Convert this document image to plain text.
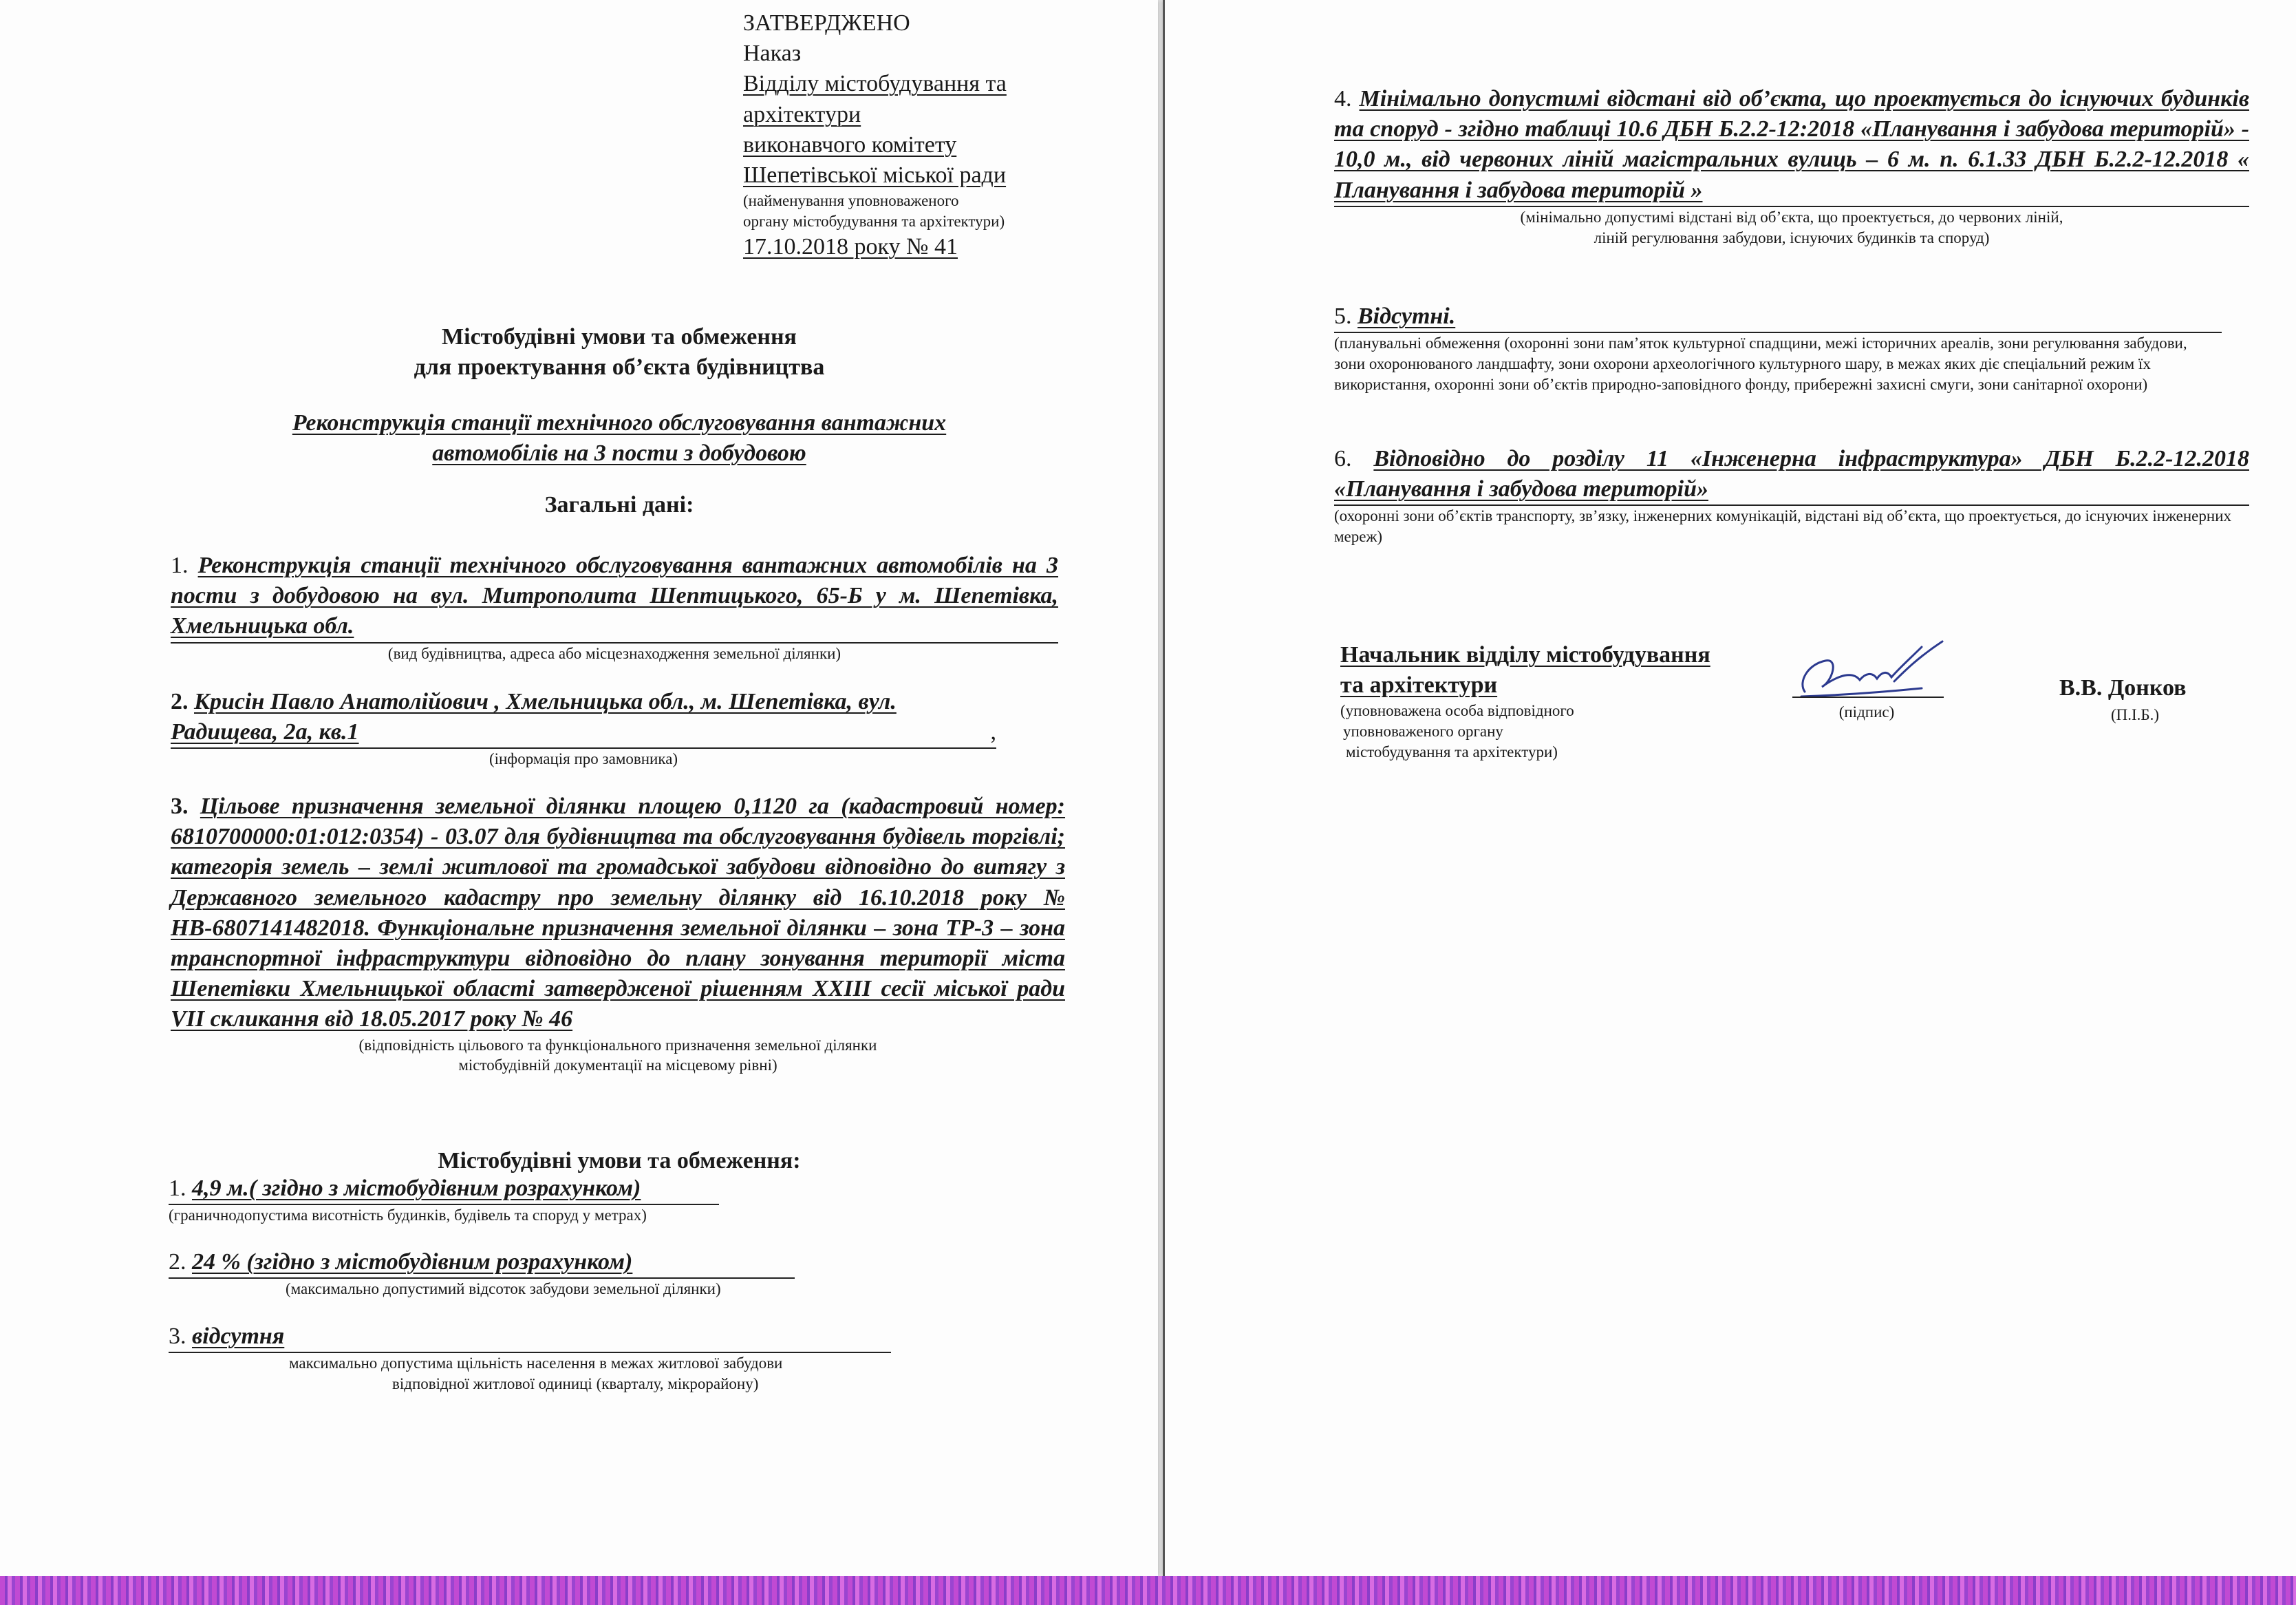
ЗАТВЕРДЖЕНО
Наказ
Відділу містобудування та
архітектури
виконавчого комітету
Шепетівської міської ради
(найменування уповноваженого
органу містобудування та архітектури)
17.10.2018 року № 41
Містобудівні умови та обмеження
для проектування об’єкта будівництва
Реконструкція станції технічного обслуговування вантажних
автомобілів на 3 пости з добудовою
Загальні дані:
1. Реконструкція станції технічного обслуговування вантажних автомобілів на 3 пости з добудовою на вул. Митрополита Шептицького, 65-Б у м. Шепетівка, Хмельницька обл.
(вид будівництва, адреса або місцезнаходження земельної ділянки)
2. Крисін Павло Анатолійович , Хмельницька обл., м. Шепетівка, вул. Радищева, 2а, кв.1	,
(інформація про замовника)
3. Цільове призначення земельної ділянки площею 0,1120 га (кадастровий номер: 6810700000:01:012:0354) - 03.07 для будівництва та обслуговування будівель торгівлі; категорія земель – землі житлової та громадської забудови відповідно до витягу з Державного земельного кадастру про земельну ділянку від 16.10.2018 року № НВ-6807141482018. Функціональне призначення земельної ділянки – зона ТР-3 – зона транспортної інфраструктури відповідно до плану зонування території міста Шепетівки Хмельницької області затвердженої рішенням XXIII сесії міської ради VII скликання від 18.05.2017 року № 46
(відповідність цільового та функціонального призначення земельної ділянки
містобудівній документації на місцевому рівні)
Містобудівні умови та обмеження:
1. 4,9 м.( згідно з містобудівним розрахунком)
(граничнодопустима висотність будинків, будівель та споруд у метрах)
2. 24 % (згідно з містобудівним розрахунком)
(максимально допустимий відсоток забудови земельної ділянки)
3. відсутня
максимально допустима щільність населення в межах житлової забудови
відповідної житлової одиниці (кварталу, мікрорайону)
4. Мінімально допустимі відстані від об’єкта, що проектується до існуючих будинків та споруд - згідно таблиці 10.6 ДБН Б.2.2-12:2018 «Планування і забудова територій» - 10,0 м., від червоних ліній магістральних вулиць – 6 м. п. 6.1.33 ДБН Б.2.2-12.2018 « Планування і забудова територій »
(мінімально допустимі відстані від об’єкта, що проектується, до червоних ліній,
ліній регулювання забудови, існуючих будинків та споруд)
5. Відсутні.
(планувальні обмеження (охоронні зони пам’яток культурної спадщини, межі історичних ареалів, зони регулювання забудови, зони охоронюваного ландшафту, зони охорони археологічного культурного шару, в межах яких діє спеціальний режим їх використання, охоронні зони об’єктів природно-заповідного фонду, прибережні захисні смуги, зони санітарної охорони)
6. Відповідно до розділу 11 «Інженерна інфраструктура» ДБН Б.2.2-12.2018 «Планування і забудова територій»
(охоронні зони об’єктів транспорту, зв’язку, інженерних комунікацій, відстані від об’єкта, що проектується, до існуючих інженерних мереж)
Начальник відділу містобудування
та архітектури
(уповноважена особа відповідного
уповноваженого органу
містобудування та архітектури)
(підпис)
В.В. Донков
(П.І.Б.)
